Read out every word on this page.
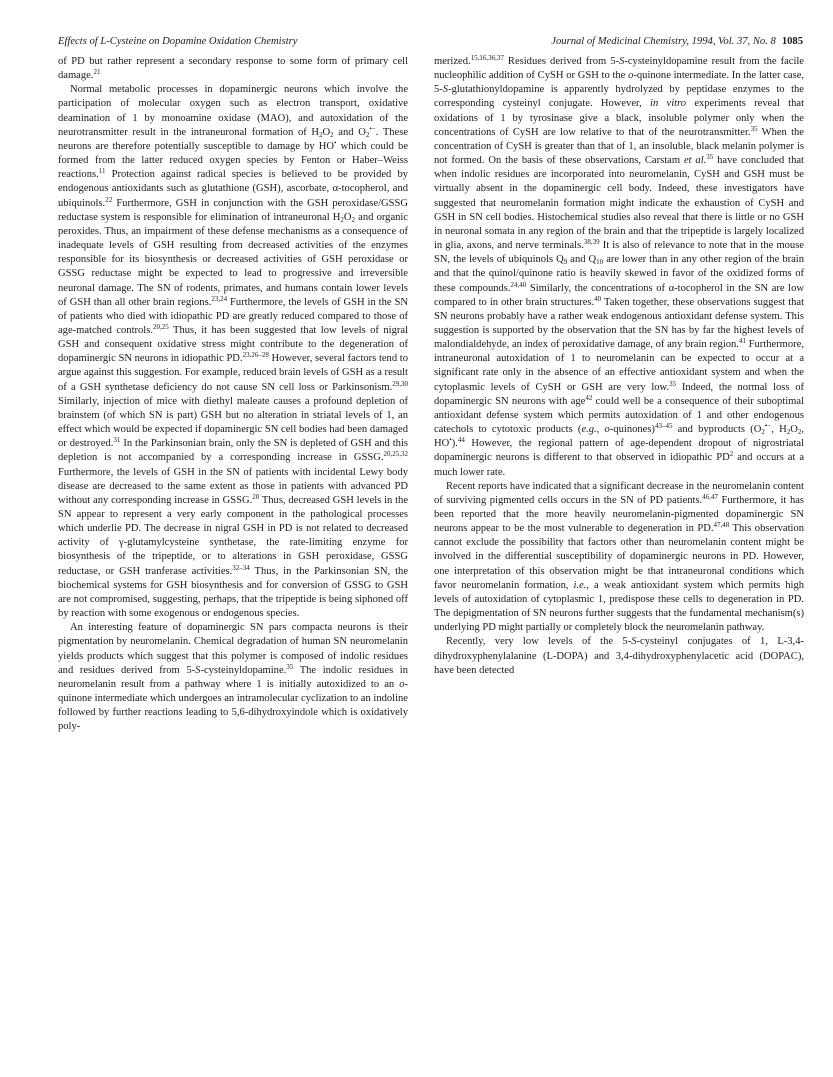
Effects of L-Cysteine on Dopamine Oxidation Chemistry	Journal of Medicinal Chemistry, 1994, Vol. 37, No. 8 1085

of PD but rather represent a secondary response to some form of primary cell damage.$^{21}$

Normal metabolic processes in dopaminergic neurons which involve the participation of molecular oxygen such as electron transport, oxidative deamination of 1 by monoamine oxidase (MAO), and autoxidation of the neurotransmitter result in the intraneuronal formation of $H_2O_2$ and $O_2^{•-}$. These neurons are therefore potentially susceptible to damage by HO• which could be formed from the latter reduced oxygen species by Fenton or Haber–Weiss reactions.$^{11}$ Protection against radical species is believed to be provided by endogenous antioxidants such as glutathione (GSH), ascorbate, α-tocopherol, and ubiquinols.$^{22}$ Furthermore, GSH in conjunction with the GSH peroxidase/GSSG reductase system is responsible for elimination of intraneuronal $H_2O_2$ and organic peroxides. Thus, an impairment of these defense mechanisms as a consequence of inadequate levels of GSH resulting from decreased activities of the enzymes responsible for its biosynthesis or decreased activities of GSH peroxidase or GSSG reductase might be expected to lead to progressive and irreversible neuronal damage. The SN of rodents, primates, and humans contain lower levels of GSH than all other brain regions.$^{23,24}$ Furthermore, the levels of GSH in the SN of patients who died with idiopathic PD are greatly reduced compared to those of age-matched controls.$^{20,25}$ Thus, it has been suggested that low levels of nigral GSH and consequent oxidative stress might contribute to the degeneration of dopaminergic SN neurons in idiopathic PD.$^{23,26-28}$ However, several factors tend to argue against this suggestion. For example, reduced brain levels of GSH as a result of a GSH synthetase deficiency do not cause SN cell loss or Parkinsonism.$^{29,30}$ Similarly, injection of mice with diethyl maleate causes a profound depletion of brainstem (of which SN is part) GSH but no alteration in striatal levels of 1, an effect which would be expected if dopaminergic SN cell bodies had been damaged or destroyed.$^{31}$ In the Parkinsonian brain, only the SN is depleted of GSH and this depletion is not accompanied by a corresponding increase in GSSG.$^{20,25,32}$ Furthermore, the levels of GSH in the SN of patients with incidental Lewy body disease are decreased to the same extent as those in patients with advanced PD without any corresponding increase in GSSG.$^{20}$ Thus, decreased GSH levels in the SN appear to represent a very early component in the pathological processes which underlie PD. The decrease in nigral GSH in PD is not related to decreased activity of γ-glutamylcysteine synthetase, the rate-limiting enzyme for biosynthesis of the tripeptide, or to alterations in GSH peroxidase, GSSG reductase, or GSH tranferase activities.$^{32-34}$ Thus, in the Parkinsonian SN, the biochemical systems for GSH biosynthesis and for conversion of GSSG to GSH are not compromised, suggesting, perhaps, that the tripeptide is being siphoned off by reaction with some exogenous or endogenous species.

An interesting feature of dopaminergic SN pars compacta neurons is their pigmentation by neuromelanin. Chemical degradation of human SN neuromelanin yields products which suggest that this polymer is composed of indolic residues and residues derived from 5-S-cysteinyldopamine.$^{35}$ The indolic residues in neuromelanin result from a pathway where 1 is initially autoxidized to an o-quinone intermediate which undergoes an intramolecular cyclization to an indoline followed by further reactions leading to 5,6-dihydroxyindole which is oxidatively poly-

merized.$^{15,16,36,37}$ Residues derived from 5-S-cysteinyldopamine result from the facile nucleophilic addition of CySH or GSH to the o-quinone intermediate. In the latter case, 5-S-glutathionyldopamine is apparently hydrolyzed by peptidase enzymes to the corresponding cysteinyl conjugate. However, in vitro experiments reveal that oxidations of 1 by tyrosinase give a black, insoluble polymer only when the concentrations of CySH are low relative to that of the neurotransmitter.$^{35}$ When the concentration of CySH is greater than that of 1, an insoluble, black melanin polymer is not formed. On the basis of these observations, Carstam et al.$^{35}$ have concluded that when indolic residues are incorporated into neuromelanin, CySH and GSH must be virtually absent in the dopaminergic cell body. Indeed, these investigators have suggested that neuromelanin formation might indicate the exhaustion of CySH and GSH in SN cell bodies. Histochemical studies also reveal that there is little or no GSH in neuronal somata in any region of the brain and that the tripeptide is largely localized in glia, axons, and nerve terminals.$^{38,39}$ It is also of relevance to note that in the mouse SN, the levels of ubiquinols $Q_9$ and $Q_{10}$ are lower than in any other region of the brain and that the quinol/quinone ratio is heavily skewed in favor of the oxidized forms of these compounds.$^{24,40}$ Similarly, the concentrations of α-tocopherol in the SN are low compared to in other brain structures.$^{40}$ Taken together, these observations suggest that SN neurons probably have a rather weak endogenous antioxidant defense system. This suggestion is supported by the observation that the SN has by far the highest levels of malondialdehyde, an index of peroxidative damage, of any brain region.$^{41}$ Furthermore, intraneuronal autoxidation of 1 to neuromelanin can be expected to occur at a significant rate only in the absence of an effective antioxidant system and when the cytoplasmic levels of CySH or GSH are very low.$^{35}$ Indeed, the normal loss of dopaminergic SN neurons with age$^{42}$ could well be a consequence of their suboptimal antioxidant defense system which permits autoxidation of 1 and other endogenous catechols to cytotoxic products (e.g., o-quinones)$^{43-45}$ and byproducts ($O_2^{•-}$, $H_2O_2$, HO•).$^{44}$ However, the regional pattern of age-dependent dropout of nigrostriatal dopaminergic neurons is different to that observed in idiopathic $PD^2$ and occurs at a much lower rate.

Recent reports have indicated that a significant decrease in the neuromelanin content of surviving pigmented cells occurs in the SN of PD patients.$^{46,47}$ Furthermore, it has been reported that the more heavily neuromelanin-pigmented dopaminergic SN neurons appear to be the most vulnerable to degeneration in PD.$^{47,48}$ This observation cannot exclude the possibility that factors other than neuromelanin content might be involved in the differential susceptibility of dopaminergic neurons in PD. However, one interpretation of this observation might be that intraneuronal conditions which favor neuromelanin formation, i.e., a weak antioxidant system which permits high levels of autoxidation of cytoplasmic 1, predispose these cells to degeneration in PD. The depigmentation of SN neurons further suggests that the fundamental mechanism(s) underlying PD might partially or completely block the neuromelanin pathway.

Recently, very low levels of the 5-S-cysteinyl conjugates of 1, L-3,4-dihydroxyphenylalanine (L-DOPA) and 3,4-dihydroxyphenylacetic acid (DOPAC), have been detected
